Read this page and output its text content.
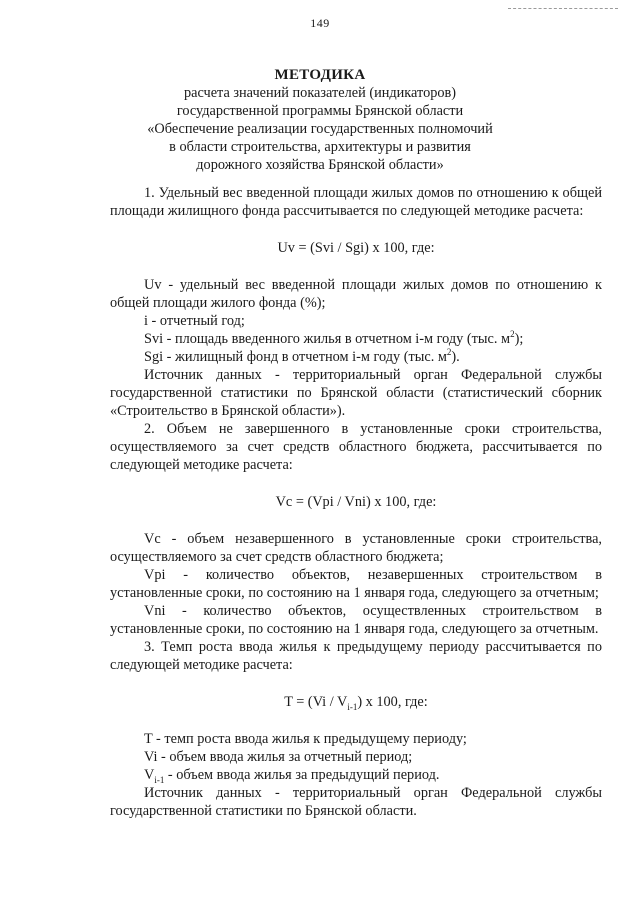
149

МЕТОДИКА

расчета значений показателей (индикаторов)

государственной программы Брянской области

«Обеспечение реализации государственных полномочий

в области строительства, архитектуры и развития

дорожного хозяйства Брянской области»

1. Удельный вес введенной площади жилых домов по отношению к общей площади жилищного фонда рассчитывается по следующей методике расчета:

Uv = (Svi / Sgi) x 100, где:

Uv - удельный вес введенной площади жилых домов по отношению к общей площади жилого фонда (%);

i - отчетный год;

Svi - площадь введенного жилья в отчетном i-м году (тыс. $м^2$);

Sgi - жилищный фонд в отчетном i-м году (тыс. $м^2$).

Источник данных - территориальный орган Федеральной службы государственной статистики по Брянской области (статистический сборник «Строительство в Брянской области»).

2. Объем не завершенного в установленные сроки строительства, осуществляемого за счет средств областного бюджета, рассчитывается по следующей методике расчета:

Vc = (Vpi / Vni) x 100, где:

Vc - объем незавершенного в установленные сроки строительства, осуществляемого за счет средств областного бюджета;

Vpi - количество объектов, незавершенных строительством в установленные сроки, по состоянию на 1 января года, следующего за отчетным;

Vni - количество объектов, осуществленных строительством в установленные сроки, по состоянию на 1 января года, следующего за отчетным.

3. Темп роста ввода жилья к предыдущему периоду рассчитывается по следующей методике расчета:

$T = (Vi / V_{i-1})$ x 100, где:

T - темп роста ввода жилья к предыдущему периоду;

Vi - объем ввода жилья за отчетный период;

$V_{i-1}$ - объем ввода жилья за предыдущий период.

Источник данных - территориальный орган Федеральной службы государственной статистики по Брянской области.
